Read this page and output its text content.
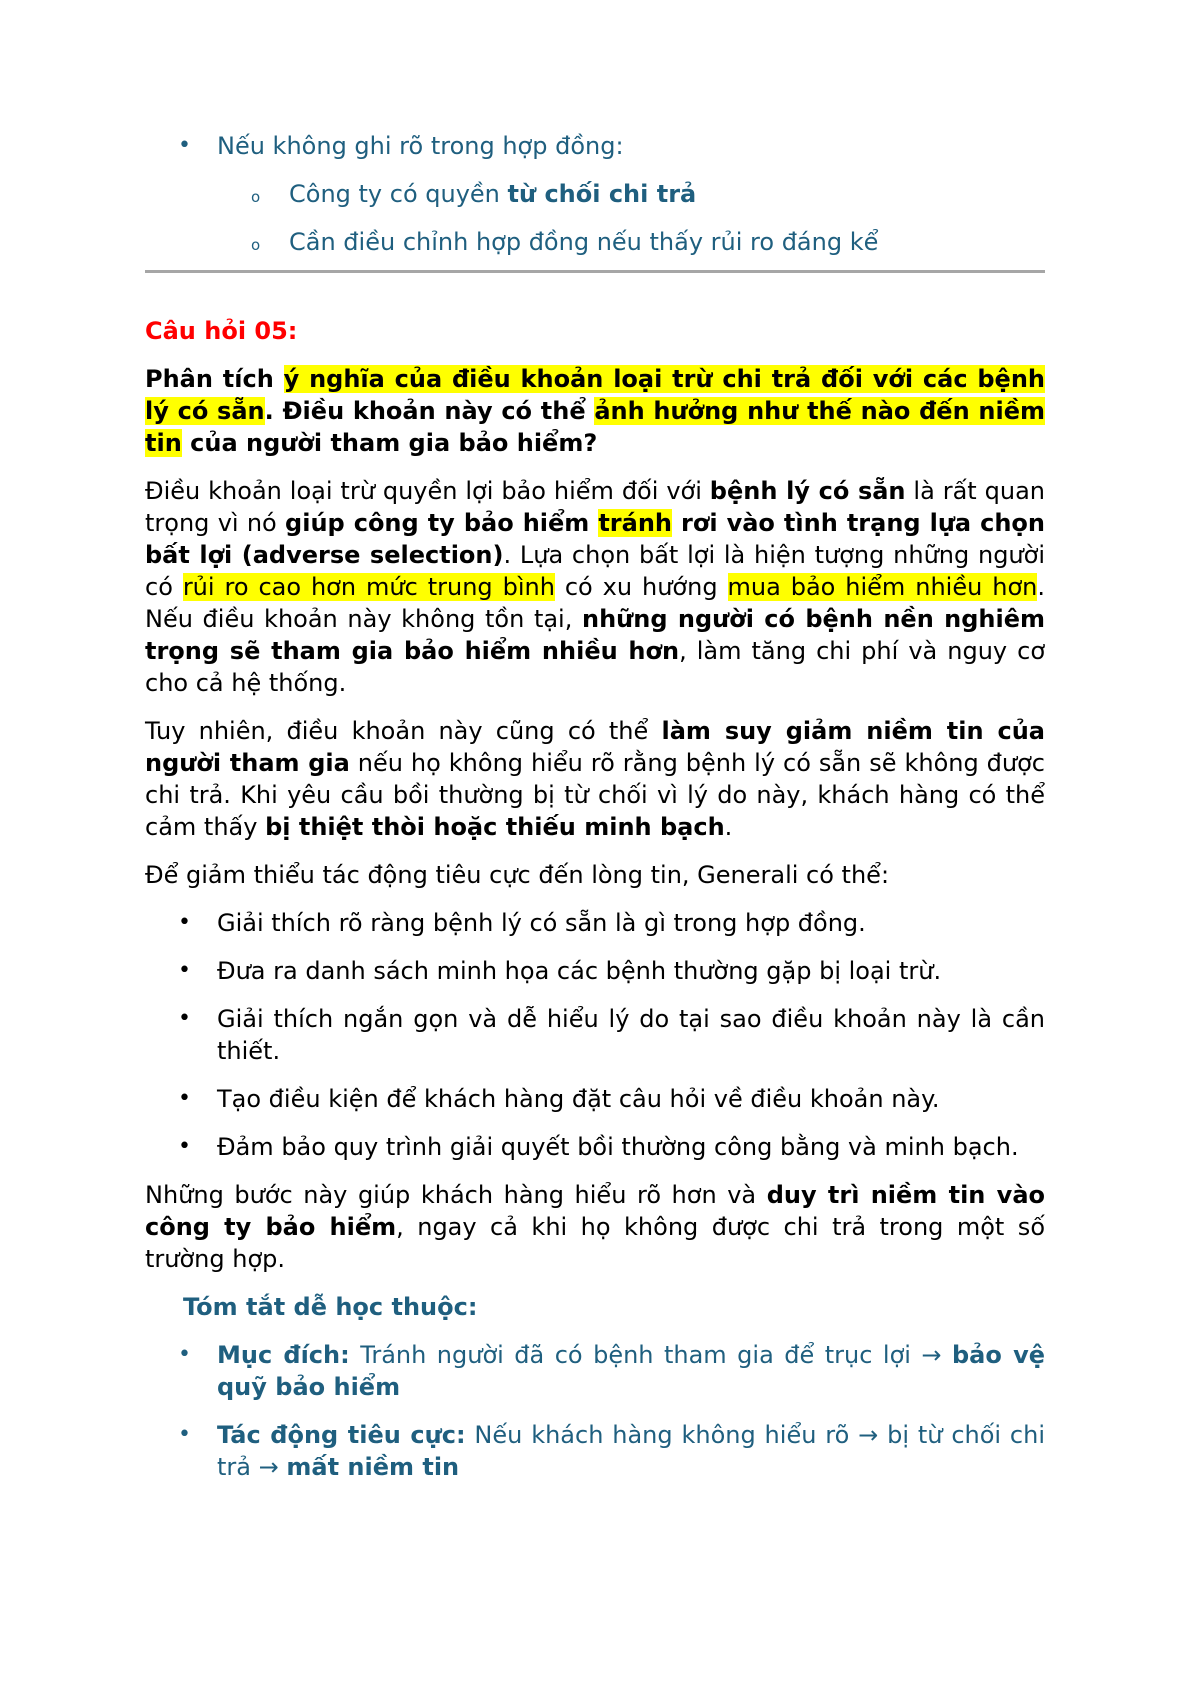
• Nếu không ghi rõ trong hợp đồng:
o Công ty có quyền từ chối chi trả
o Cần điều chỉnh hợp đồng nếu thấy rủi ro đáng kể

Câu hỏi 05:

Phân tích ý nghĩa của điều khoản loại trừ chi trả đối với các bệnh lý có sẵn. Điều khoản này có thể ảnh hưởng như thế nào đến niềm tin của người tham gia bảo hiểm?

Điều khoản loại trừ quyền lợi bảo hiểm đối với bệnh lý có sẵn là rất quan trọng vì nó giúp công ty bảo hiểm tránh rơi vào tình trạng lựa chọn bất lợi (adverse selection). Lựa chọn bất lợi là hiện tượng những người có rủi ro cao hơn mức trung bình có xu hướng mua bảo hiểm nhiều hơn. Nếu điều khoản này không tồn tại, những người có bệnh nền nghiêm trọng sẽ tham gia bảo hiểm nhiều hơn, làm tăng chi phí và nguy cơ cho cả hệ thống.

Tuy nhiên, điều khoản này cũng có thể làm suy giảm niềm tin của người tham gia nếu họ không hiểu rõ rằng bệnh lý có sẵn sẽ không được chi trả. Khi yêu cầu bồi thường bị từ chối vì lý do này, khách hàng có thể cảm thấy bị thiệt thòi hoặc thiếu minh bạch.

Để giảm thiểu tác động tiêu cực đến lòng tin, Generali có thể:

• Giải thích rõ ràng bệnh lý có sẵn là gì trong hợp đồng.
• Đưa ra danh sách minh họa các bệnh thường gặp bị loại trừ.
• Giải thích ngắn gọn và dễ hiểu lý do tại sao điều khoản này là cần thiết.
• Tạo điều kiện để khách hàng đặt câu hỏi về điều khoản này.
• Đảm bảo quy trình giải quyết bồi thường công bằng và minh bạch.

Những bước này giúp khách hàng hiểu rõ hơn và duy trì niềm tin vào công ty bảo hiểm, ngay cả khi họ không được chi trả trong một số trường hợp.

Tóm tắt dễ học thuộc:

• Mục đích: Tránh người đã có bệnh tham gia để trục lợi → bảo vệ quỹ bảo hiểm
• Tác động tiêu cực: Nếu khách hàng không hiểu rõ → bị từ chối chi trả → mất niềm tin
